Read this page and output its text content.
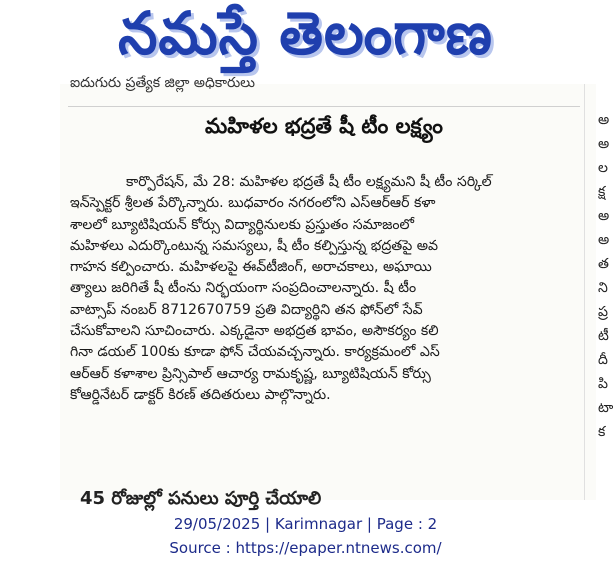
నమస్తే తెలంగాణ
ఐదుగురు ప్రత్యేక జిల్లా అధికారులు
మహిళల భద్రతే షీ టీం లక్ష్యం
కార్పొరేషన్‌, మే 28: మహిళల భద్రతే షీ టీం లక్ష్యమని షీ టీం సర్కిల్‌
ఇన్‌స్పెక్టర్‌ శ్రీలత పేర్కొన్నారు. బుధవారం నగరంలోని ఎస్‌ఆర్‌ఆర్‌ కళా
శాలలో బ్యూటిషియన్‌ కోర్సు విద్యార్థినులకు ప్రస్తుతం సమాజంలో
మహిళలు ఎదుర్కొంటున్న సమస్యలు, షీ టీం కల్పిస్తున్న భద్రతపై అవ
గాహన కల్పించారు. మహిళలపై ఈవ్‌టీజింగ్‌, అరాచకాలు, అఘాయి
త్యాలు జరిగితే షీ టీంను నిర్భయంగా సంప్రదించాలన్నారు. షీ టీం
వాట్సాప్‌ నంబర్‌ 8712670759 ప్రతి విద్యార్థిని తన ఫోన్‌లో సేవ్‌
చేసుకోవాలని సూచించారు. ఎక్కడైనా అభద్రత భావం, అసౌకర్యం కలి
గినా డయల్‌ 100కు కూడా ఫోన్‌ చేయవచ్చన్నారు. కార్యక్రమంలో ఎస్‌
ఆర్‌ఆర్‌ కళాశాల ప్రిన్సిపాల్‌ ఆచార్య రామకృష్ణ, బ్యూటిషియన్‌ కోర్సు
కోఆర్డినేటర్‌ డాక్టర్‌ కిరణ్‌ తదితరులు పాల్గొన్నారు.
45 రోజుల్లో పనులు పూర్తి చేయాలి
అ
అ
ల
క్ష
అ
అ
త
ని
ప్ర
టీ
దీ
పి
టా
క
29/05/2025 | Karimnagar | Page : 2
Source : https://epaper.ntnews.com/
